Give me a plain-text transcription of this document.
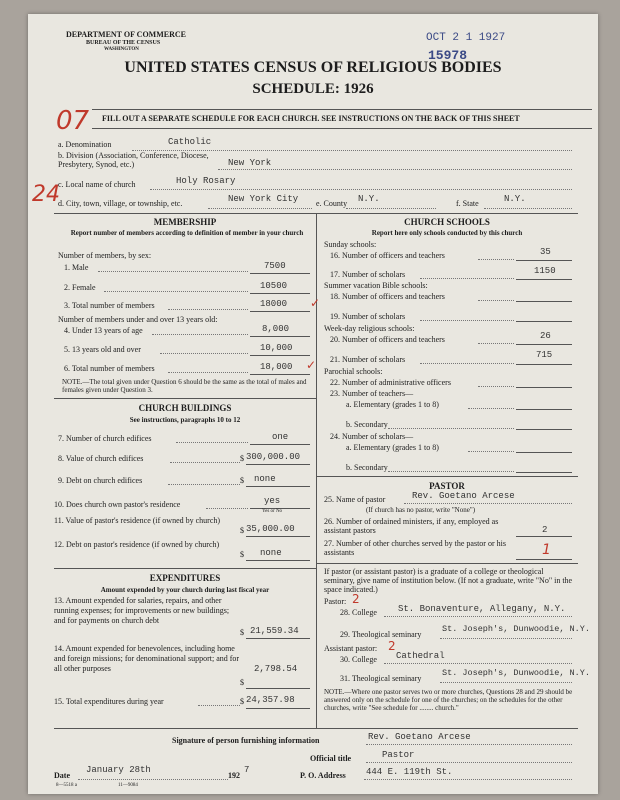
DEPARTMENT OF COMMERCE
BUREAU OF THE CENSUS
WASHINGTON
OCT 2 1 1927
15978
UNITED STATES CENSUS OF RELIGIOUS BODIES
SCHEDULE: 1926
07 FILL OUT A SEPARATE SCHEDULE FOR EACH CHURCH. SEE INSTRUCTIONS ON THE BACK OF THIS SHEET
a. Denomination	Catholic
b. Division (Association, Conference, Diocese, Presbytery, Synod, etc.)	New York
24
c. Local name of church	Holy Rosary
d. City, town, village, or township, etc.	New York City e. County N.Y.	f. State	N.Y.
MEMBERSHIP
Report number of members according to definition of member in your church
Number of members, by sex:
1. Male	7500
2. Female	10500
3. Total number of members	18000 ✓
Number of members under and over 13 years old:
4. Under 13 years of age	8,000
5. 13 years old and over	10,000
6. Total number of members	18,000 ✓
NOTE.—The total given under Question 6 should be the same as the total of males and females given under Question 3.
CHURCH BUILDINGS
See instructions, paragraphs 10 to 12
7. Number of church edifices	one
8. Value of church edifices	$ 300,000.00
9. Debt on church edifices	$ none
10. Does church own pastor's residence	yes
Yes or No
11. Value of pastor's residence (if owned by church)
$ 35,000.00
12. Debt on pastor's residence (if owned by church)
$ none
EXPENDITURES
Amount expended by your church during last fiscal year
13. Amount expended for salaries, repairs, and other running expenses; for improvements or new buildings; and for payments on church debt
$ 21,559.34
14. Amount expended for benevolences, including home and foreign missions; for denominational support; and for all other purposes
$
2,798.54
15. Total expenditures during year	$ 24,357.98
CHURCH SCHOOLS
Report here only schools conducted by this church
Sunday schools:
16. Number of officers and teachers	35
17. Number of scholars	1150
Summer vacation Bible schools:
18. Number of officers and teachers
19. Number of scholars
Week-day religious schools:
20. Number of officers and teachers	26
21. Number of scholars	715
Parochial schools:
22. Number of administrative officers
23. Number of teachers—
a. Elementary (grades 1 to 8)
b. Secondary
24. Number of scholars—
a. Elementary (grades 1 to 8)
b. Secondary
PASTOR
25. Name of pastor	Rev. Goetano Arcese
(If church has no pastor, write "None")
26. Number of ordained ministers, if any, employed as assistant pastors	2
27. Number of other churches served by the pastor or his assistants	1
If pastor (or assistant pastor) is a graduate of a college or theological seminary, give name of institution below. (If not a graduate, write "No" in the space indicated.)
Pastor: 2
28. College St. Bonaventure, Allegany, N.Y.
29. Theological seminary
St. Joseph's, Dunwoodie, N.Y.
Assistant pastor: 2
30. College Cathedral
31. Theological seminary
St. Joseph's, Dunwoodie, N.Y.
NOTE.—Where one pastor serves two or more churches, Questions 28 and 29 should be answered only on the schedule for one of the churches; on the schedules for the other churches, write "See schedule for ........ church."
Signature of person furnishing information	Rev. Goetano Arcese
Official title	Pastor
Date
January 28th
192
7
P. O. Address 444 E. 119th St.
8—5518 a	11—9084
